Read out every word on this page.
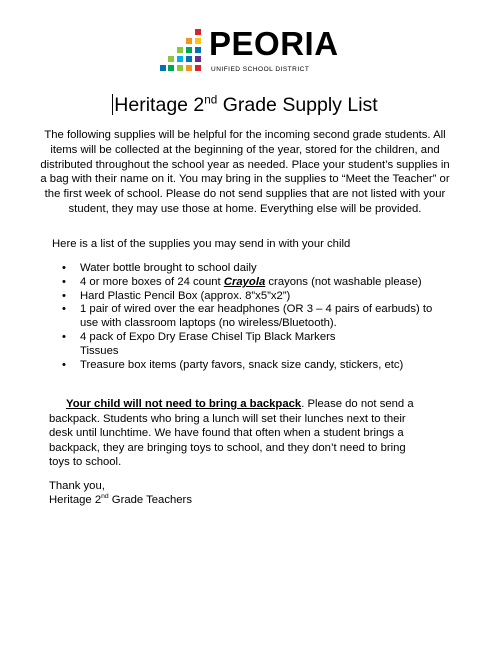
PEORIA
UNIFIED SCHOOL DISTRICT
Heritage 2nd Grade Supply List
The following supplies will be helpful for the incoming second grade students. All items will be collected at the beginning of the year, stored for the children, and distributed throughout the school year as needed. Place your student’s supplies in a bag with their name on it. You may bring in the supplies to “Meet the Teacher” or the first week of school. Please do not send supplies that are not listed with your student, they may use those at home. Everything else will be provided.
Here is a list of the supplies you may send in with your child
• Water bottle brought to school daily
• 4 or more boxes of 24 count Crayola crayons (not washable please)
• Hard Plastic Pencil Box (approx. 8”x5”x2”)
• 1 pair of wired over the ear headphones (OR 3 – 4 pairs of earbuds) to use with classroom laptops (no wireless/Bluetooth).
• 4 pack of Expo Dry Erase Chisel Tip Black Markers
Tissues
• Treasure box items (party favors, snack size candy, stickers, etc)
Your child will not need to bring a backpack. Please do not send a backpack. Students who bring a lunch will set their lunches next to their desk until lunchtime. We have found that often when a student brings a backpack, they are bringing toys to school, and they don’t need to bring toys to school.
Thank you,
Heritage 2nd Grade Teachers
